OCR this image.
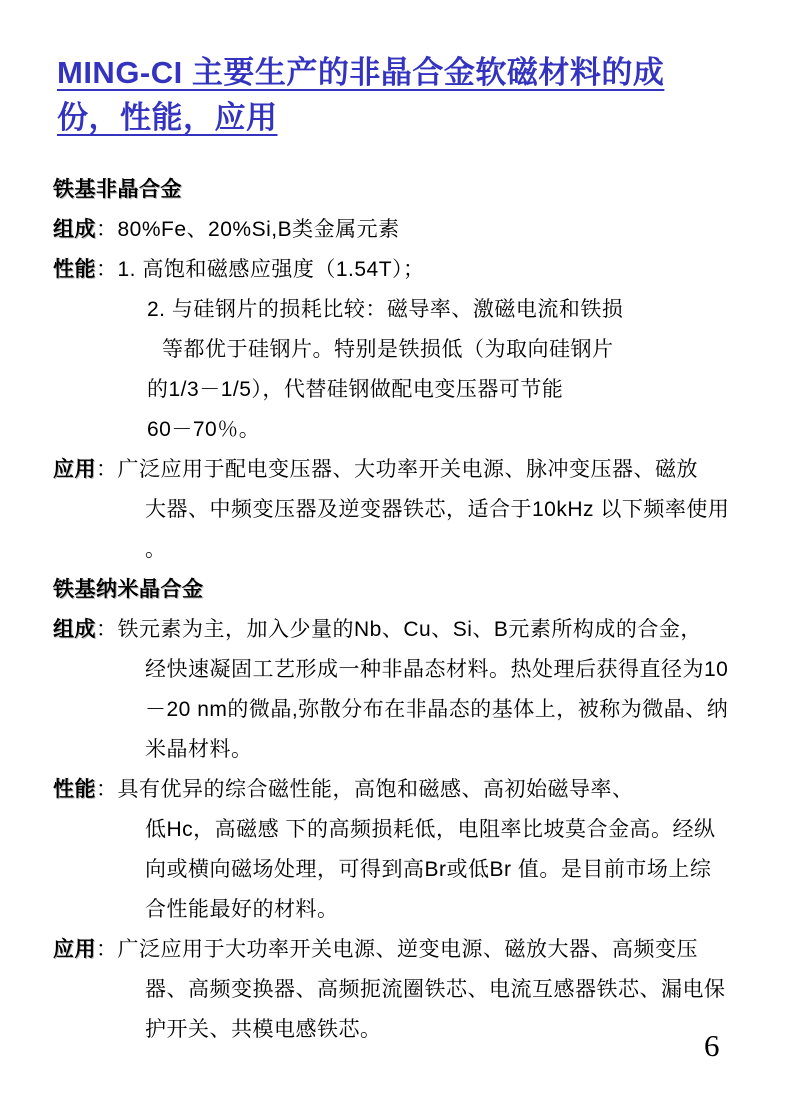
MING-CI 主要生产的非晶合金软磁材料的成
份，性能，应用
铁基非晶合金
组成 ： 80%Fe、20%Si,B类金属元素
性能 ： 1. 高饱和磁感应强度（1.54T）；
2. 与硅钢片的损耗比较：磁导率、激磁电流和铁损
等都优于硅钢片。特别是铁损低（为取向硅钢片
的1/3－1/5），代替硅钢做配电变压器可节能
60－70％。
应用 ： 广泛应用于配电变压器、大功率开关电源、脉冲变压器、磁放
大器、中频变压器及逆变器铁芯，适合于10kHz 以下频率使用
。
铁基纳米晶合金
组成 ： 铁元素为主，加入少量的Nb、Cu、Si、B元素所构成的合金，
经快速凝固工艺形成一种非晶态材料。热处理后获得直径为10
－20 nm的微晶,弥散分布在非晶态的基体上，被称为微晶、纳
米晶材料。
性能 ： 具有优异的综合磁性能，高饱和磁感、高初始磁导率、
低Hc，高磁感 下的高频损耗低，电阻率比坡莫合金高。经纵
向或横向磁场处理，可得到高Br或低Br 值。是目前市场上综
合性能最好的材料。
应用 ： 广泛应用于大功率开关电源、逆变电源、磁放大器、高频变压
器、高频变换器、高频扼流圈铁芯、电流互感器铁芯、漏电保
护开关、共模电感铁芯。	6
